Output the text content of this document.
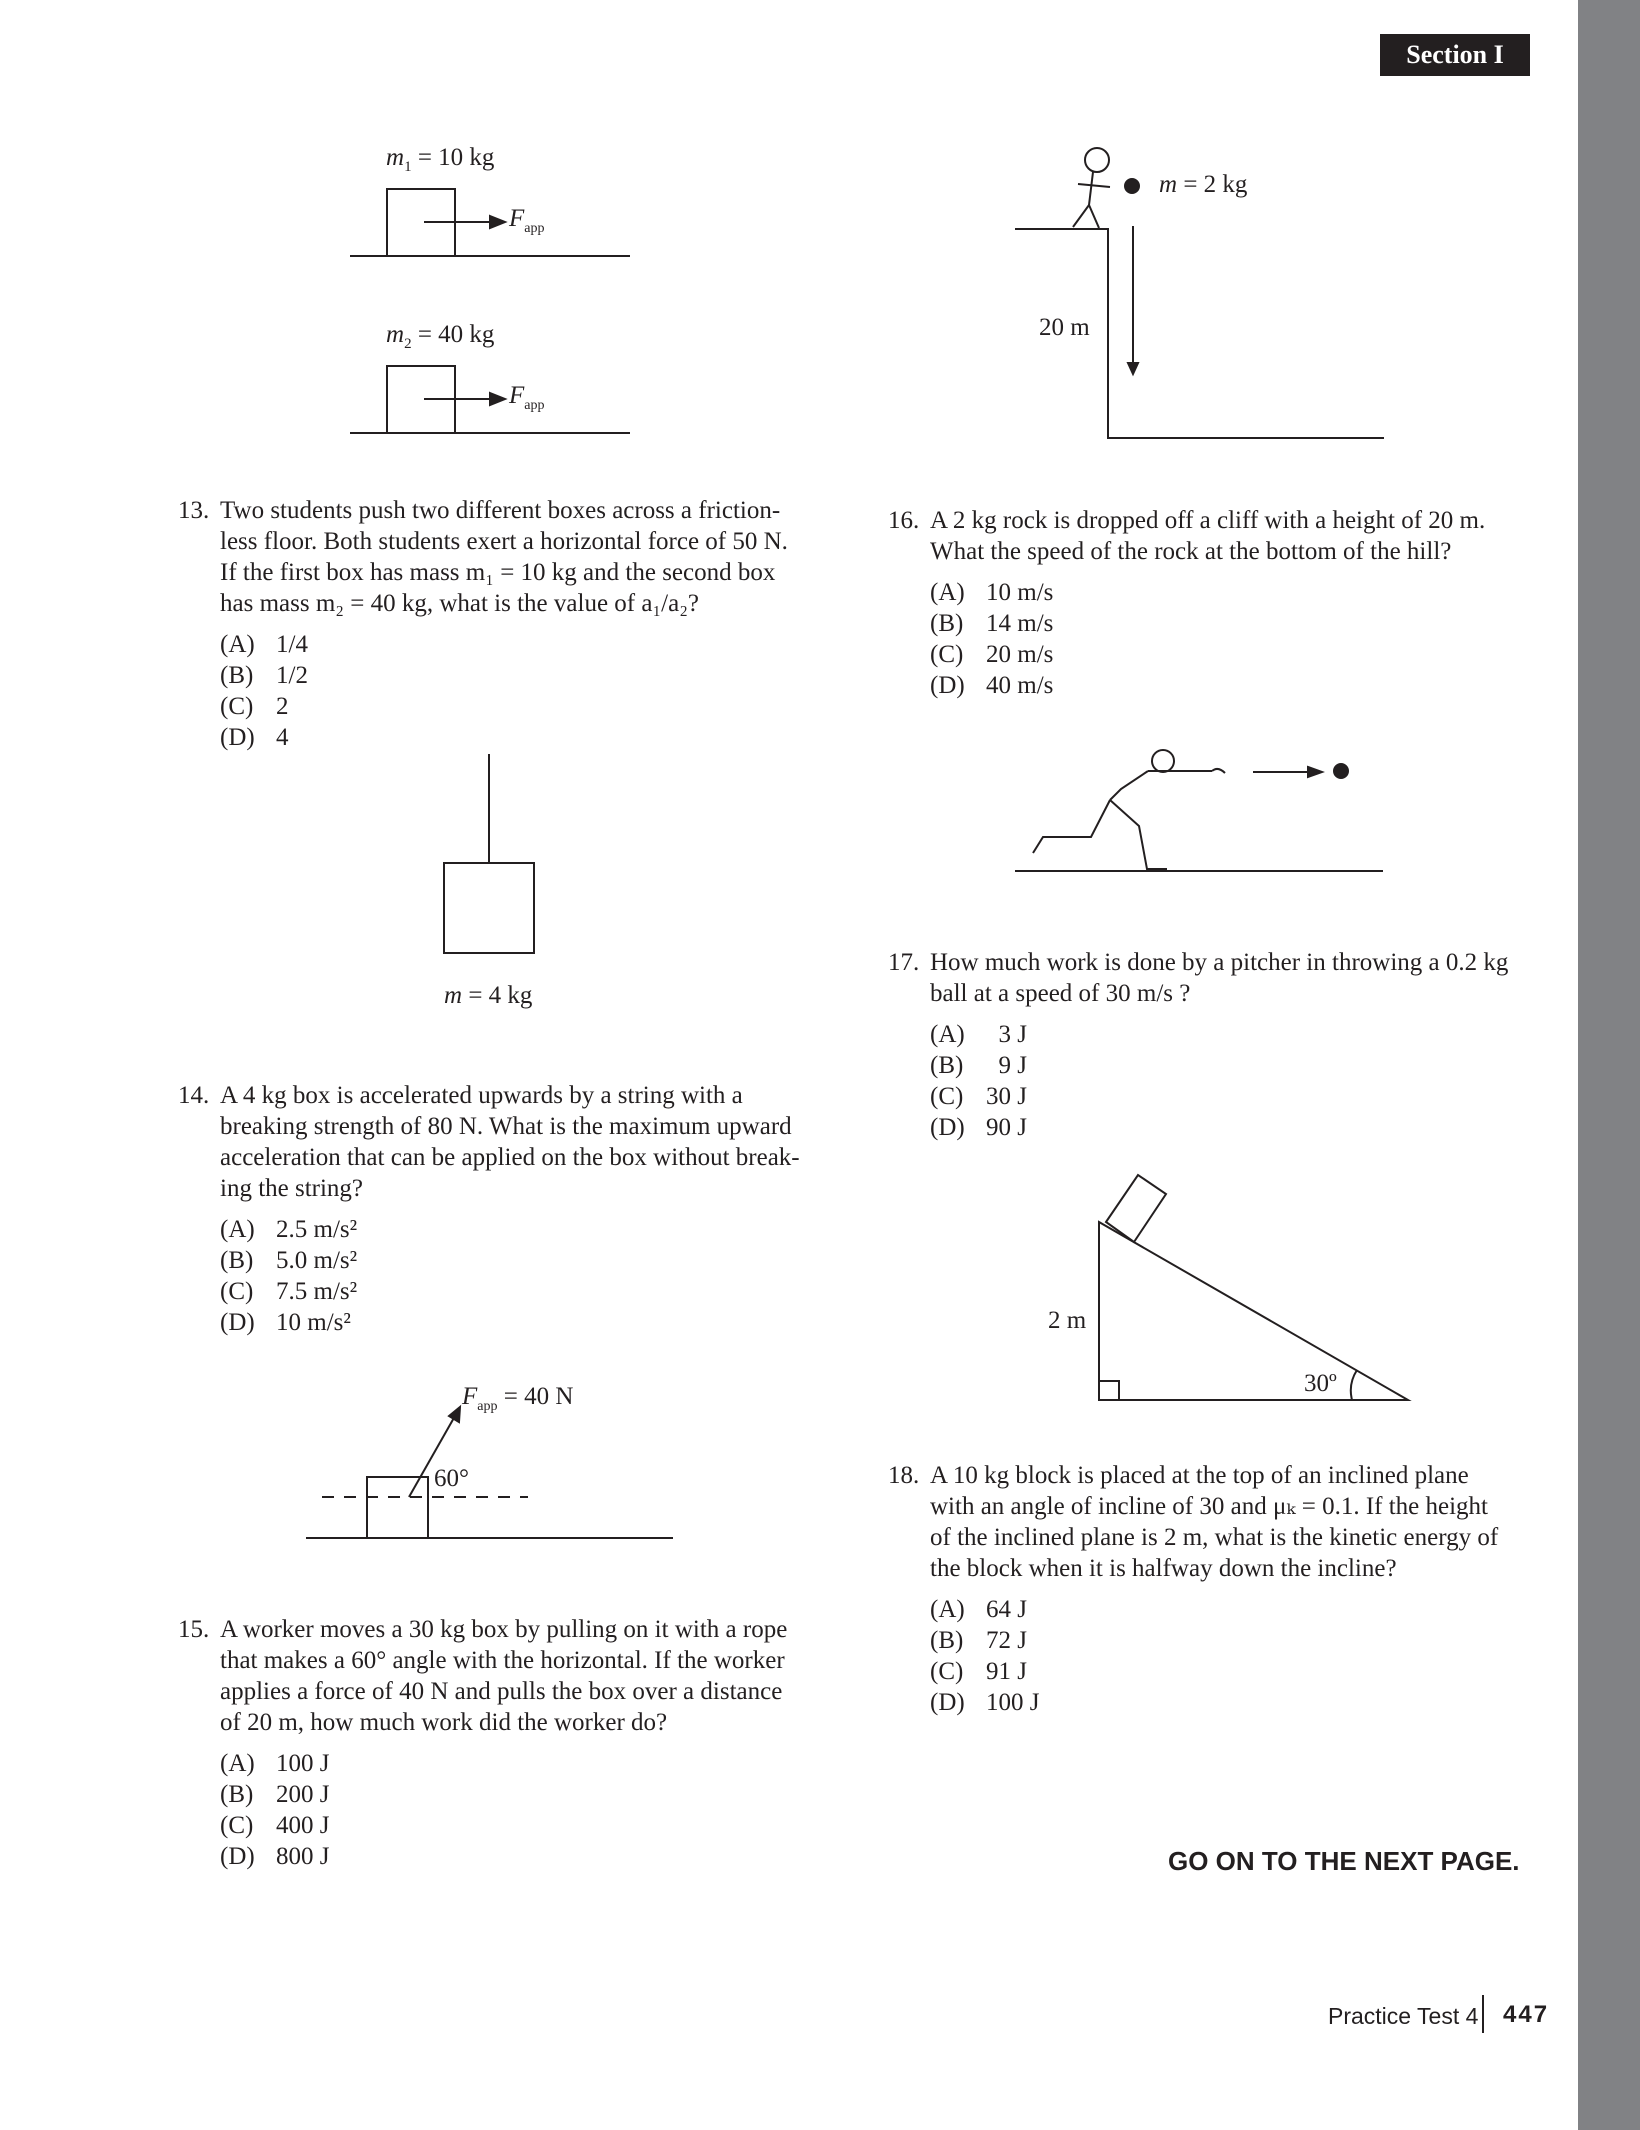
Section I
$m_1 = 10$ kg
$F_{app}$
$m_2 = 40$ kg
$F_{app}$
m = 4 kg
$F_{app} = 40$ N
60°
m = 2 kg
20 m
2 m
30º
13. Two students push two different boxes across a friction-
less floor. Both students exert a horizontal force of 50 N.
If the first box has mass m₁ = 10 kg and the second box
has mass m₂ = 40 kg, what is the value of a₁/a₂?
(A) 1/4
(B) 1/2
(C) 2
(D) 4
14. A 4 kg box is accelerated upwards by a string with a
breaking strength of 80 N. What is the maximum upward
acceleration that can be applied on the box without break-
ing the string?
(A) 2.5 m/s²
(B) 5.0 m/s²
(C) 7.5 m/s²
(D) 10 m/s²
15. A worker moves a 30 kg box by pulling on it with a rope
that makes a 60° angle with the horizontal. If the worker
applies a force of 40 N and pulls the box over a distance
of 20 m, how much work did the worker do?
(A) 100 J
(B) 200 J
(C) 400 J
(D) 800 J
16. A 2 kg rock is dropped off a cliff with a height of 20 m.
What the speed of the rock at the bottom of the hill?
(A) 10 m/s
(B) 14 m/s
(C) 20 m/s
(D) 40 m/s
17. How much work is done by a pitcher in throwing a 0.2 kg
ball at a speed of 30 m/s ?
(A) 3 J
(B) 9 J
(C) 30 J
(D) 90 J
18. A 10 kg block is placed at the top of an inclined plane
with an angle of incline of 30 and μₖ = 0.1. If the height
of the inclined plane is 2 m, what is the kinetic energy of
the block when it is halfway down the incline?
(A) 64 J
(B) 72 J
(C) 91 J
(D) 100 J
GO ON TO THE NEXT PAGE.
Practice Test 4 447
